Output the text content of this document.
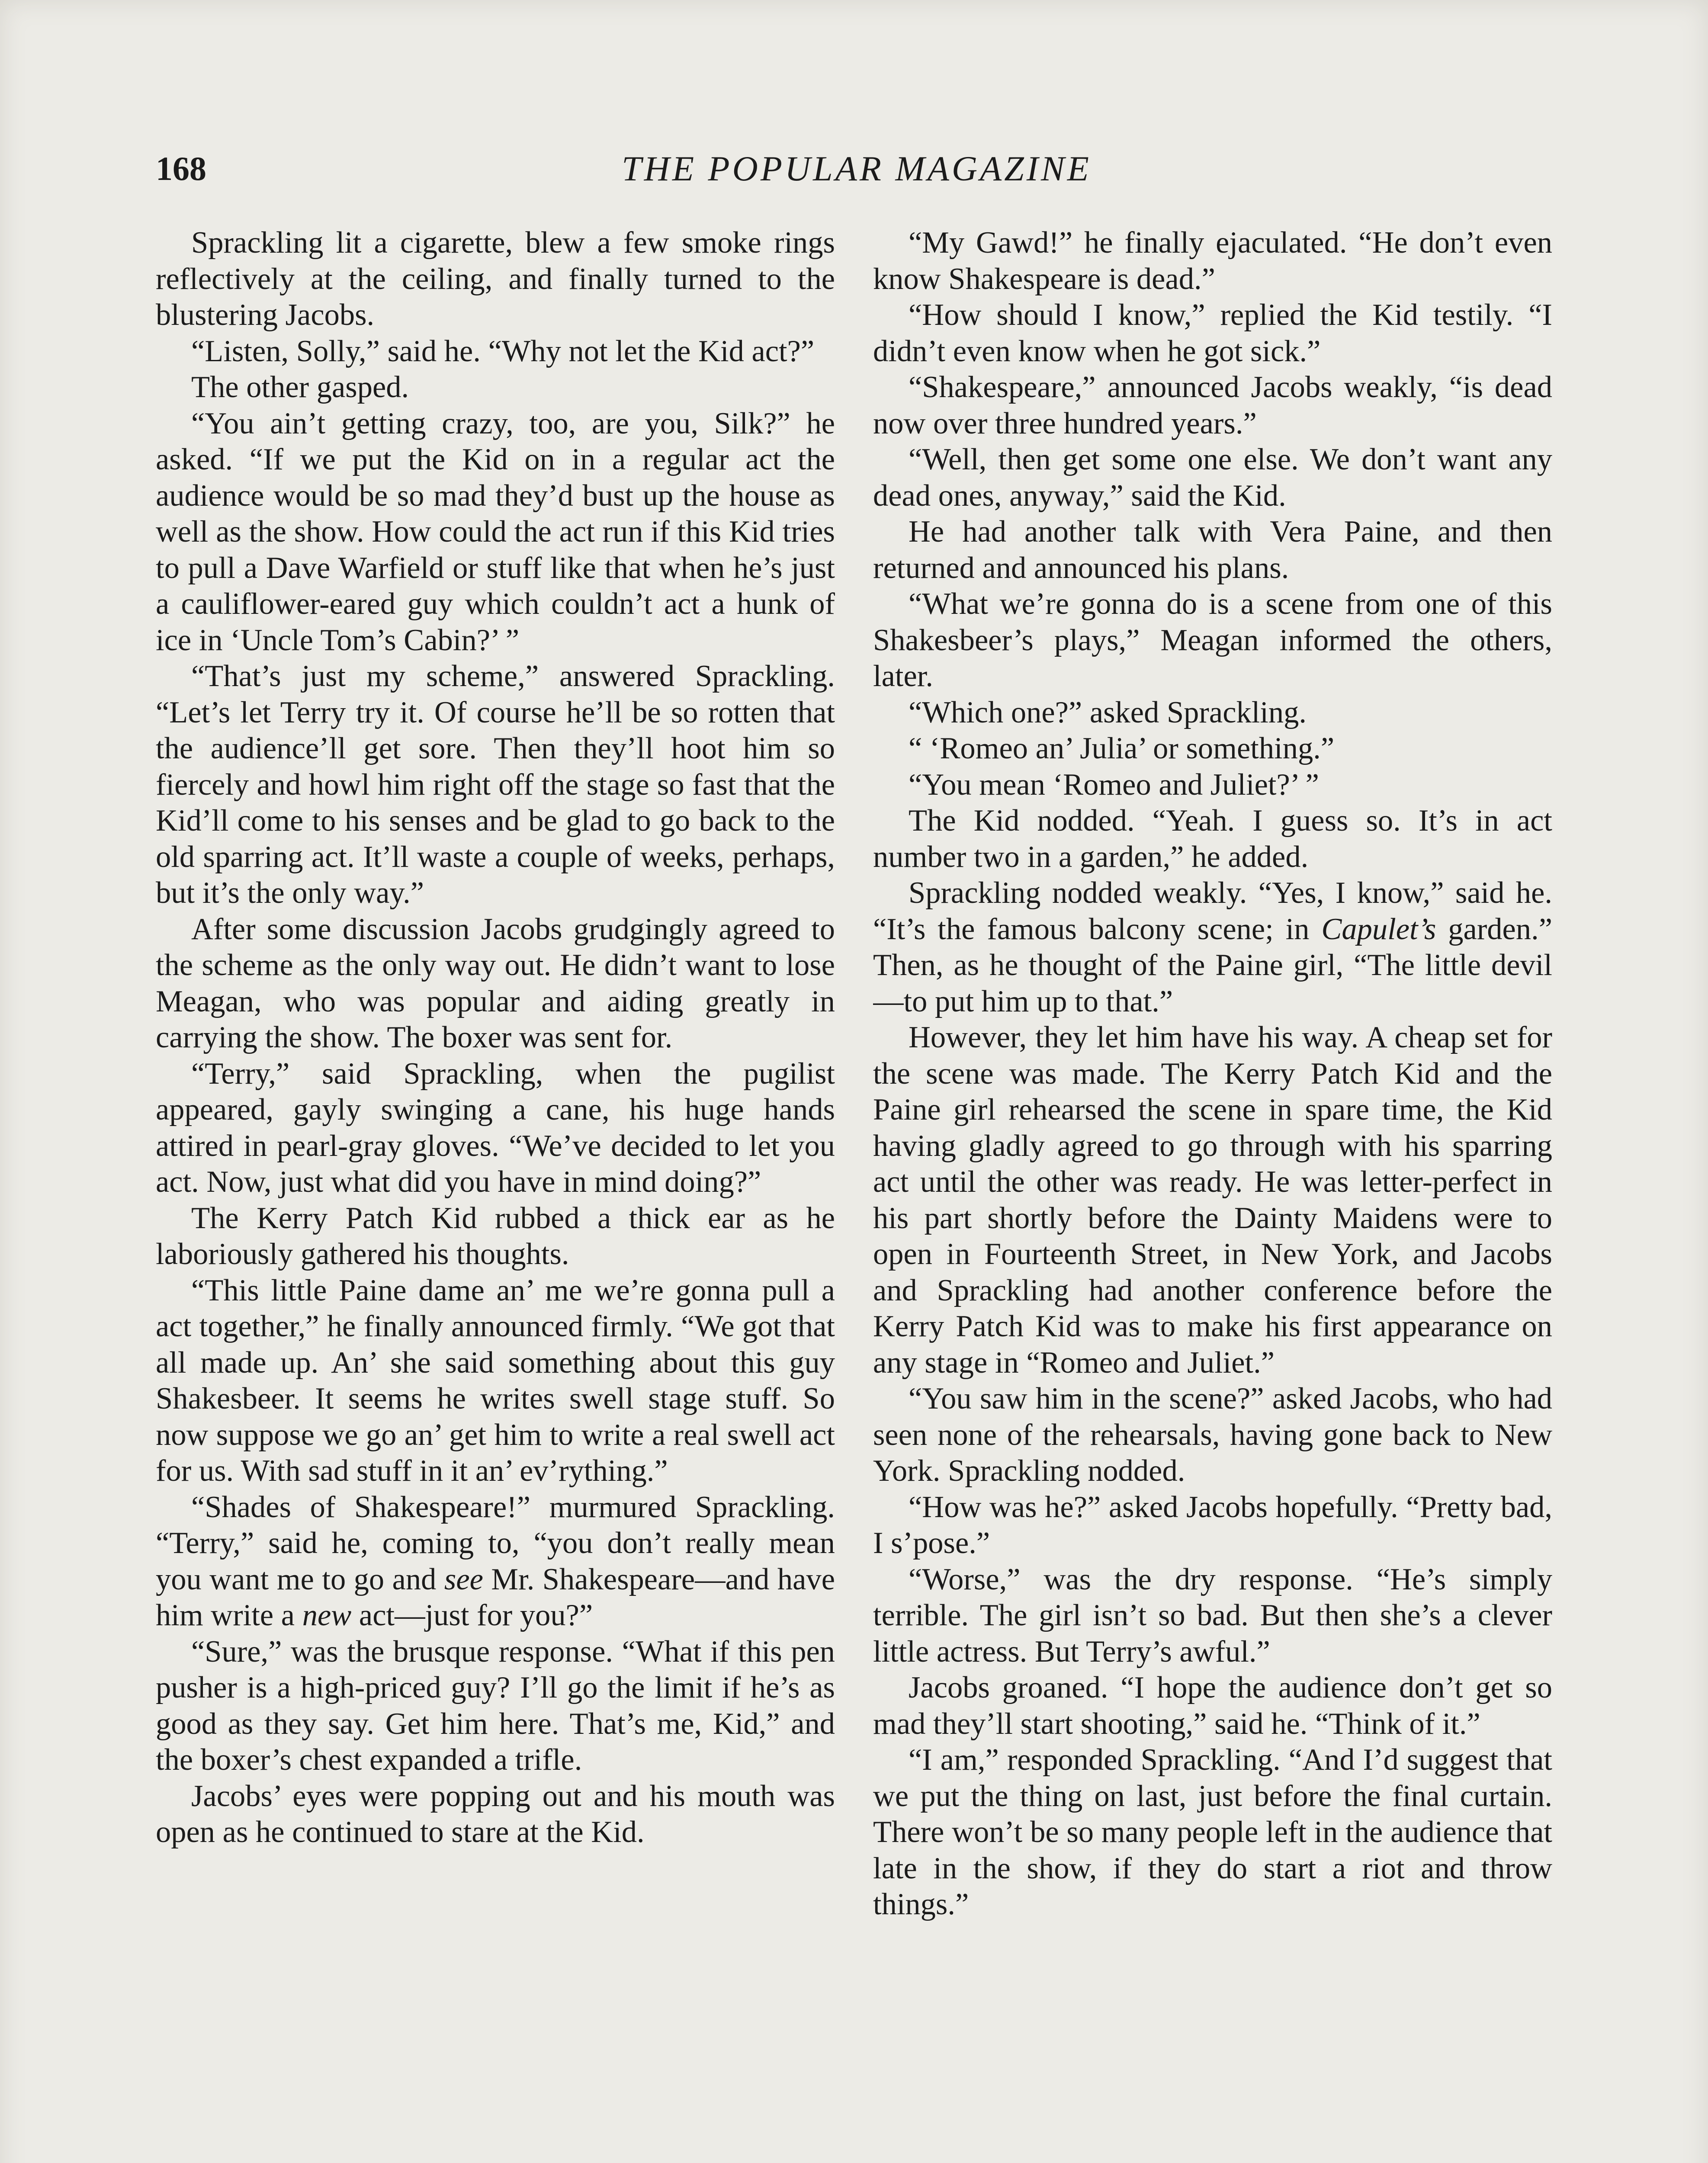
168	THE POPULAR MAGAZINE

Sprackling lit a cigarette, blew a few smoke rings reflectively at the ceiling, and finally turned to the blustering Jacobs.

“Listen, Solly,” said he. “Why not let the Kid act?”

The other gasped.

“You ain’t getting crazy, too, are you, Silk?” he asked. “If we put the Kid on in a regular act the audience would be so mad they’d bust up the house as well as the show. How could the act run if this Kid tries to pull a Dave Warfield or stuff like that when he’s just a cauliflower-eared guy which couldn’t act a hunk of ice in ‘Uncle Tom’s Cabin?’ ”

“That’s just my scheme,” answered Sprackling. “Let’s let Terry try it. Of course he’ll be so rotten that the audience’ll get sore. Then they’ll hoot him so fiercely and howl him right off the stage so fast that the Kid’ll come to his senses and be glad to go back to the old sparring act. It’ll waste a couple of weeks, perhaps, but it’s the only way.”

After some discussion Jacobs grudgingly agreed to the scheme as the only way out. He didn’t want to lose Meagan, who was popular and aiding greatly in carrying the show. The boxer was sent for.

“Terry,” said Sprackling, when the pugilist appeared, gayly swinging a cane, his huge hands attired in pearl-gray gloves. “We’ve decided to let you act. Now, just what did you have in mind doing?”

The Kerry Patch Kid rubbed a thick ear as he laboriously gathered his thoughts.

“This little Paine dame an’ me we’re gonna pull a act together,” he finally announced firmly. “We got that all made up. An’ she said something about this guy Shakesbeer. It seems he writes swell stage stuff. So now suppose we go an’ get him to write a real swell act for us. With sad stuff in it an’ ev’rything.”

“Shades of Shakespeare!” murmured Sprackling. “Terry,” said he, coming to, “you don’t really mean you want me to go and see Mr. Shakespeare—and have him write a new act—just for you?”

“Sure,” was the brusque response. “What if this pen pusher is a high-priced guy? I’ll go the limit if he’s as good as they say. Get him here. That’s me, Kid,” and the boxer’s chest expanded a trifle.

Jacobs’ eyes were popping out and his mouth was open as he continued to stare at the Kid.

“My Gawd!” he finally ejaculated. “He don’t even know Shakespeare is dead.”

“How should I know,” replied the Kid testily. “I didn’t even know when he got sick.”

“Shakespeare,” announced Jacobs weakly, “is dead now over three hundred years.”

“Well, then get some one else. We don’t want any dead ones, anyway,” said the Kid.

He had another talk with Vera Paine, and then returned and announced his plans.

“What we’re gonna do is a scene from one of this Shakesbeer’s plays,” Meagan informed the others, later.

“Which one?” asked Sprackling.

“ ‘Romeo an’ Julia’ or something.”

“You mean ‘Romeo and Juliet?’ ”

The Kid nodded. “Yeah. I guess so. It’s in act number two in a garden,” he added.

Sprackling nodded weakly. “Yes, I know,” said he. “It’s the famous balcony scene; in Capulet’s garden.” Then, as he thought of the Paine girl, “The little devil—to put him up to that.”

However, they let him have his way. A cheap set for the scene was made. The Kerry Patch Kid and the Paine girl rehearsed the scene in spare time, the Kid having gladly agreed to go through with his sparring act until the other was ready. He was letter-perfect in his part shortly before the Dainty Maidens were to open in Fourteenth Street, in New York, and Jacobs and Sprackling had another conference before the Kerry Patch Kid was to make his first appearance on any stage in “Romeo and Juliet.”

“You saw him in the scene?” asked Jacobs, who had seen none of the rehearsals, having gone back to New York. Sprackling nodded.

“How was he?” asked Jacobs hopefully. “Pretty bad, I s’pose.”

“Worse,” was the dry response. “He’s simply terrible. The girl isn’t so bad. But then she’s a clever little actress. But Terry’s awful.”

Jacobs groaned. “I hope the audience don’t get so mad they’ll start shooting,” said he. “Think of it.”

“I am,” responded Sprackling. “And I’d suggest that we put the thing on last, just before the final curtain. There won’t be so many people left in the audience that late in the show, if they do start a riot and throw things.”
